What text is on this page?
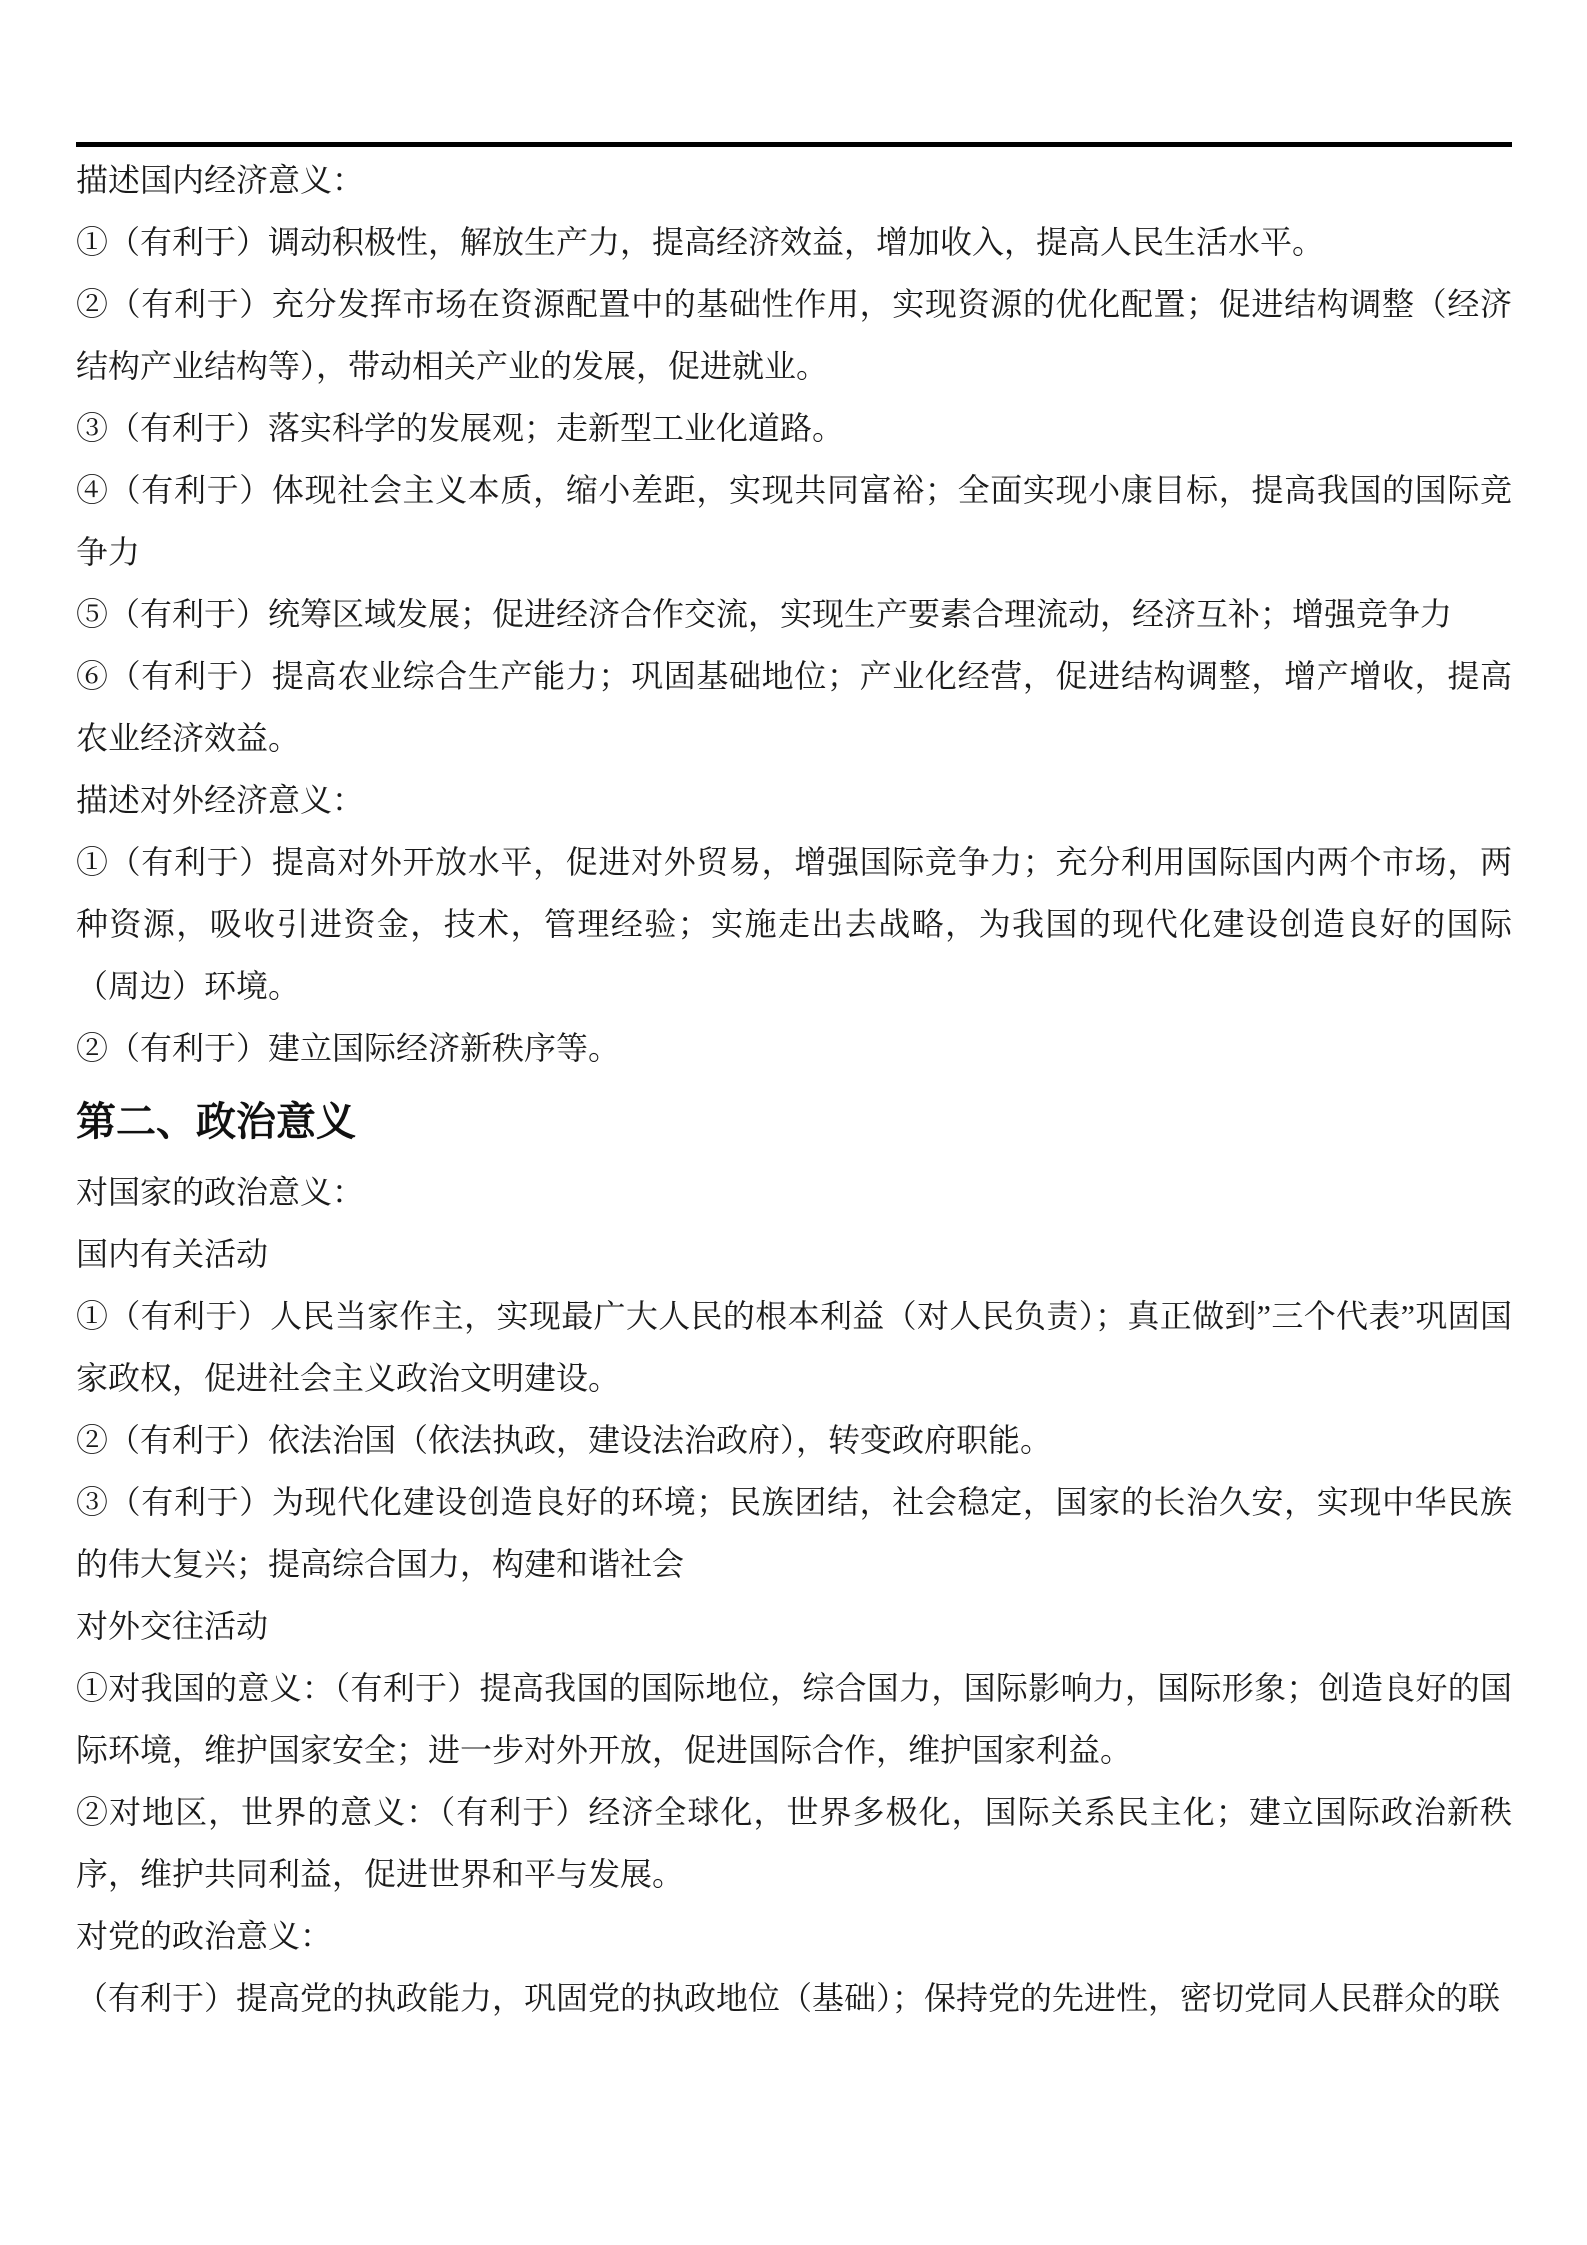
描述国内经济意义：

①（有利于）调动积极性，解放生产力，提高经济效益，增加收入，提高人民生活水平。

②（有利于）充分发挥市场在资源配置中的基础性作用，实现资源的优化配置；促进结构调整（经济结构产业结构等），带动相关产业的发展，促进就业。

③（有利于）落实科学的发展观；走新型工业化道路。

④（有利于）体现社会主义本质，缩小差距，实现共同富裕；全面实现小康目标，提高我国的国际竞争力

⑤（有利于）统筹区域发展；促进经济合作交流，实现生产要素合理流动，经济互补；增强竞争力

⑥（有利于）提高农业综合生产能力；巩固基础地位；产业化经营，促进结构调整，增产增收，提高农业经济效益。

描述对外经济意义：

①（有利于）提高对外开放水平，促进对外贸易，增强国际竞争力；充分利用国际国内两个市场，两种资源，吸收引进资金，技术，管理经验；实施走出去战略，为我国的现代化建设创造良好的国际（周边）环境。

②（有利于）建立国际经济新秩序等。

第二、政治意义

对国家的政治意义：

国内有关活动

①（有利于）人民当家作主，实现最广大人民的根本利益（对人民负责）；真正做到”三个代表”巩固国家政权，促进社会主义政治文明建设。

②（有利于）依法治国（依法执政，建设法治政府），转变政府职能。

③（有利于）为现代化建设创造良好的环境；民族团结，社会稳定，国家的长治久安，实现中华民族的伟大复兴；提高综合国力，构建和谐社会

对外交往活动

①对我国的意义：（有利于）提高我国的国际地位，综合国力，国际影响力，国际形象；创造良好的国际环境，维护国家安全；进一步对外开放，促进国际合作，维护国家利益。

②对地区，世界的意义：（有利于）经济全球化，世界多极化，国际关系民主化；建立国际政治新秩序，维护共同利益，促进世界和平与发展。

对党的政治意义：

（有利于）提高党的执政能力，巩固党的执政地位（基础）；保持党的先进性，密切党同人民群众的联
